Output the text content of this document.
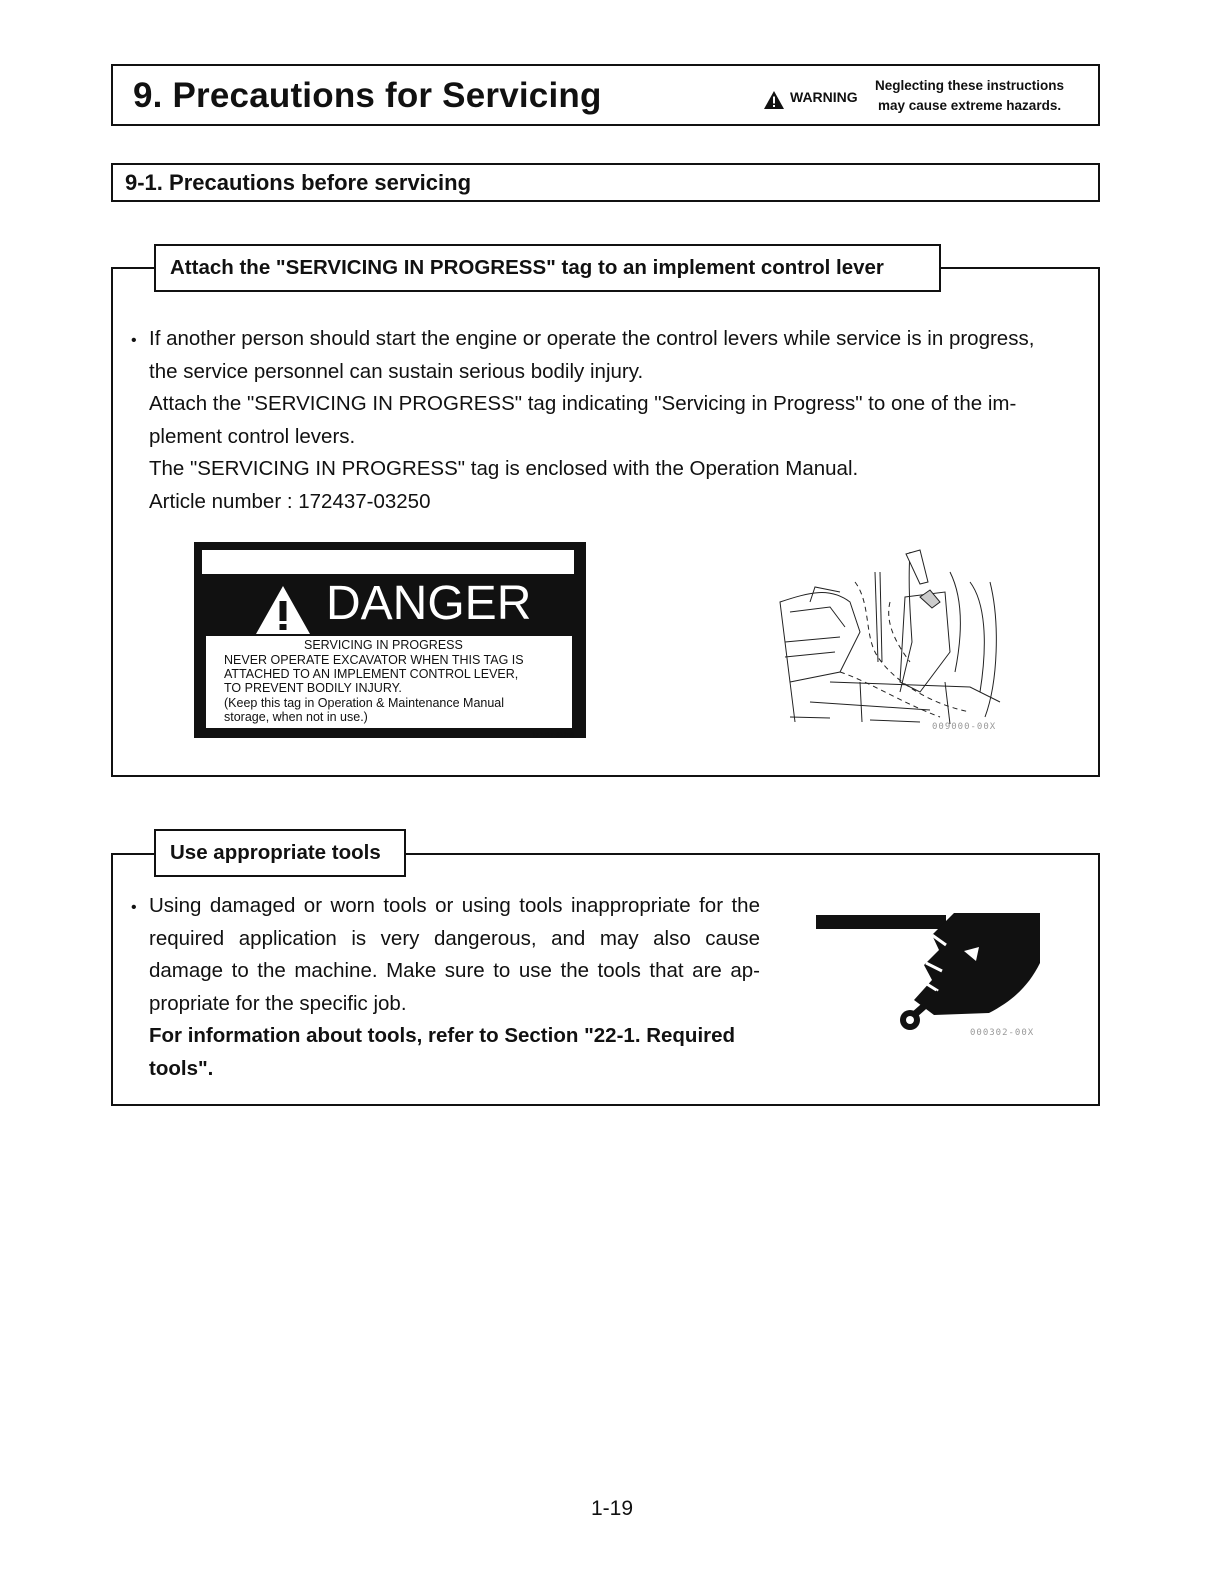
9. Precautions for Servicing	WARNING
Neglecting these instructions
may cause extreme hazards.
9-1. Precautions before servicing
Attach the "SERVICING IN PROGRESS" tag to an implement control lever
• If another person should start the engine or operate the control levers while service is in progress,
the service personnel can sustain serious bodily injury.
Attach the "SERVICING IN PROGRESS" tag indicating "Servicing in Progress" to one of the im-
plement control levers.
The "SERVICING IN PROGRESS" tag is enclosed with the Operation Manual.
Article number : 172437-03250
DANGER
SERVICING IN PROGRESS
NEVER OPERATE EXCAVATOR WHEN THIS TAG IS
ATTACHED TO AN IMPLEMENT CONTROL LEVER,
TO PREVENT BODILY INJURY.
(Keep this tag in Operation & Maintenance Manual
storage, when not in use.)
172437-03250
009000-00X
Use appropriate tools
• Using damaged or worn tools or using tools inappropriate for the required application is very dangerous, and may also cause damage to the machine. Make sure to use the tools that are ap-propriate for the specific job.
For information about tools, refer to Section "22-1. Required tools".
000302-00X
1-19
